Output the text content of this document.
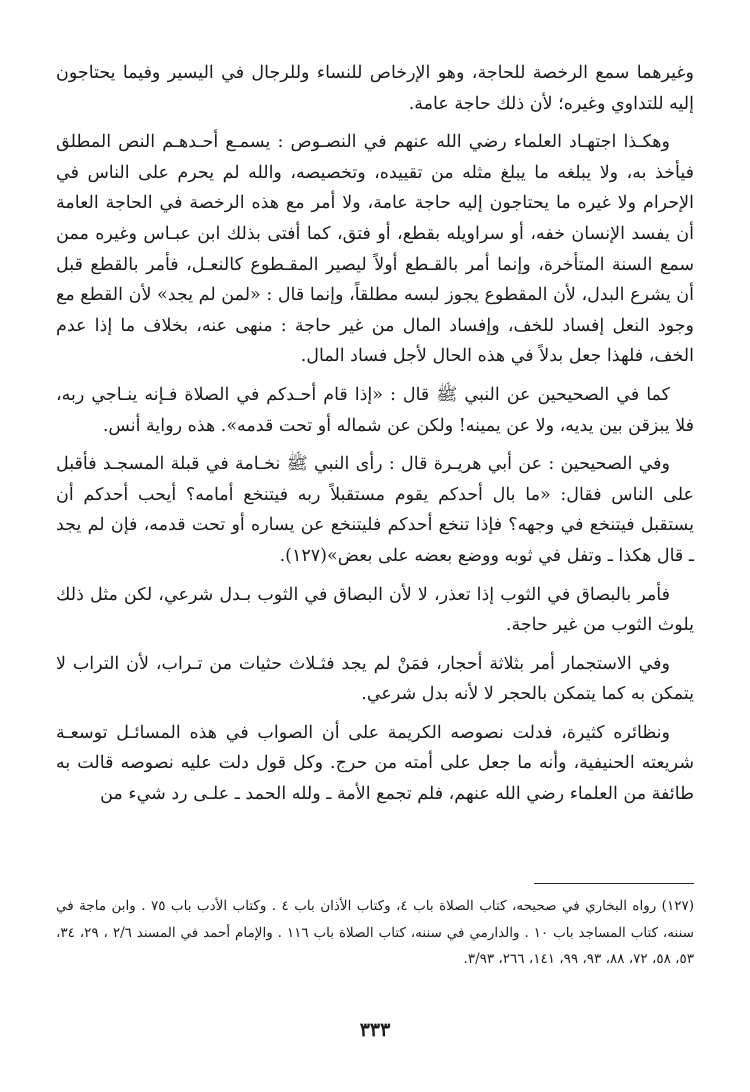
وغيرهما سمع الرخصة للحاجة، وهو الإرخاص للنساء وللرجال في اليسير وفيما يحتاجون إليه للتداوي وغيره؛ لأن ذلك حاجة عامة.

وهكـذا اجتهـاد العلماء رضي الله عنهم في النصـوص : يسمـع أحـدهـم النص المطلق فيأخذ به، ولا يبلغه ما يبلغ مثله من تقييده، وتخصيصه، والله لم يحرم على الناس في الإحرام ولا غيره ما يحتاجون إليه حاجة عامة، ولا أمر مع هذه الرخصة في الحاجة العامة أن يفسد الإنسان خفه، أو سراويله بقطع، أو فتق، كما أفتى بذلك ابن عبـاس وغيره ممن سمع السنة المتأخرة، وإنما أمر بالقـطع أولاً ليصير المقـطوع كالنعـل، فأمر بالقطع قبل أن يشرع البدل، لأن المقطوع يجوز لبسه مطلقاً، وإنما قال : «لمن لم يجد» لأن القطع مع وجود النعل إفساد للخف، وإفساد المال من غير حاجة : منهى عنه، بخلاف ما إذا عدم الخف، فلهذا جعل بدلاً في هذه الحال لأجل فساد المال.

كما في الصحيحين عن النبي ﷺ قال : «إذا قام أحـدكم في الصلاة فـإنه ينـاجي ربه، فلا يبزقن بين يديه، ولا عن يمينه! ولكن عن شماله أو تحت قدمه». هذه رواية أنس.

وفي الصحيحين : عن أبي هريـرة قال : رأى النبي ﷺ نخـامة في قبلة المسجـد فأقبل على الناس فقال: «ما بال أحدكم يقوم مستقبلاً ربه فيتنخع أمامه؟ أيحب أحدكم أن يستقبل فيتنخع في وجهه؟ فإذا تنخع أحدكم فليتنخع عن يساره أو تحت قدمه، فإن لم يجد ـ قال هكذا ـ وتفل في ثوبه ووضع بعضه على بعض»(١٢٧).

فأمر بالبصاق في الثوب إذا تعذر، لا لأن البصاق في الثوب بـدل شرعي، لكن مثل ذلك يلوث الثوب من غير حاجة.

وفي الاستجمار أمر بثلاثة أحجار، فمَنْ لم يجد فثـلاث حثيات من تـراب، لأن التراب لا يتمكن به كما يتمكن بالحجر لا لأنه بدل شرعي.

ونظائره كثيرة، فدلت نصوصه الكريمة على أن الصواب في هذه المسائـل توسعـة شريعته الحنيفية، وأنه ما جعل على أمته من حرج. وكل قول دلت عليه نصوصه قالت به طائفة من العلماء رضي الله عنهم، فلم تجمع الأمة ـ ولله الحمد ـ علـى رد شيء من

(١٢٧) رواه البخاري في صحيحه، كتاب الصلاة باب ٤، وكتاب الأذان باب ٤ . وكتاب الأدب باب ٧٥ . وابن ماجة في سننه، كتاب المساجد باب ١٠ . والدارمي في سننه، كتاب الصلاة باب ١١٦ . والإمام أحمد في المسند ٢/٦ ، ٢٩، ٣٤، ٥٣، ٥٨، ٧٢، ٨٨، ٩٣، ٩٩، ١٤١، ٢٦٦، ٣/٩٣.

٣٣٣
